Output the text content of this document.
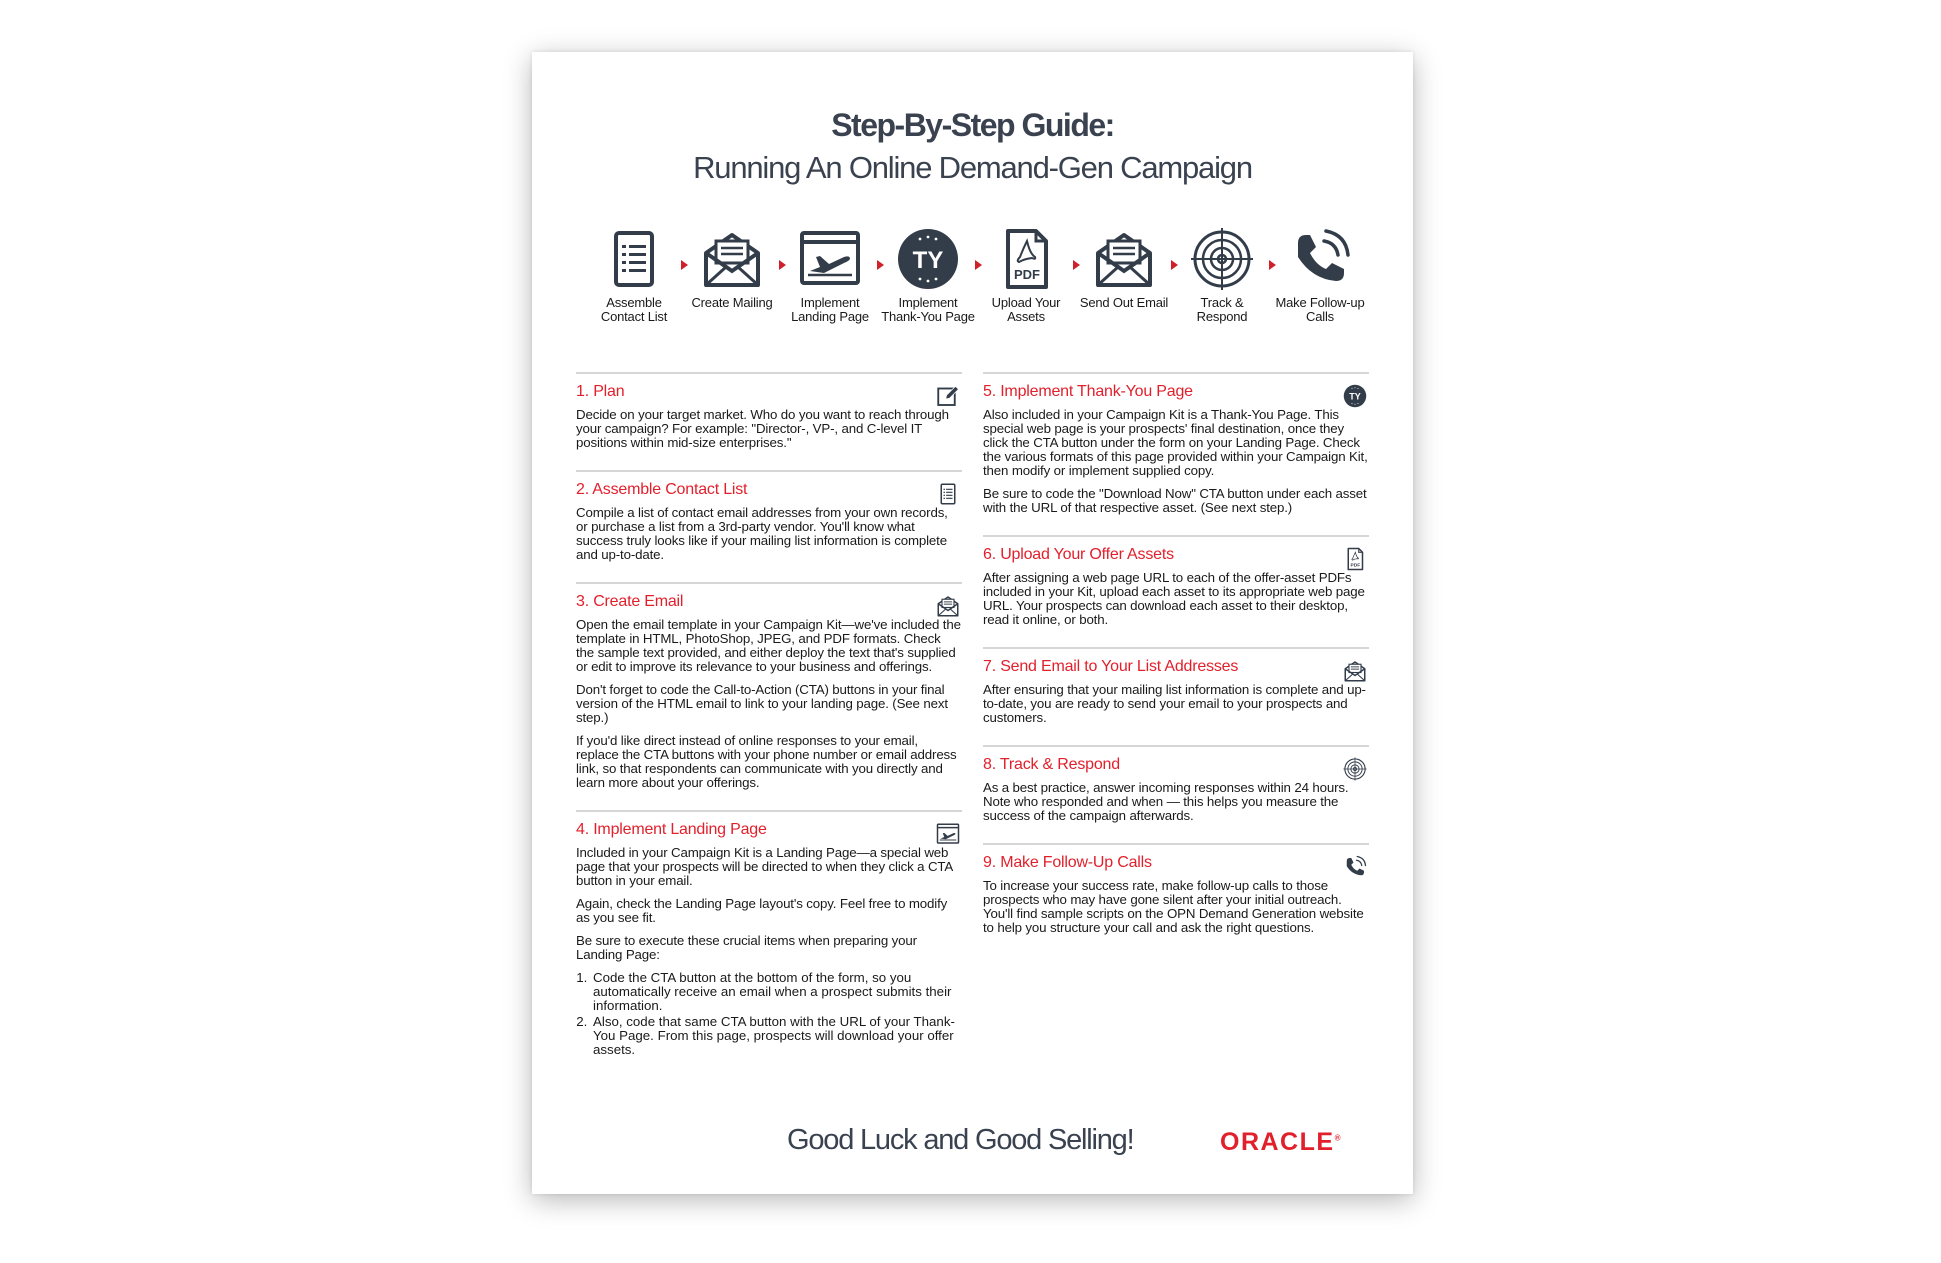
Step-By-Step Guide:
Running An Online Demand-Gen Campaign
Assemble Contact List
Create Mailing	Implement Landing Page
TY
Implement Thank-You Page
PDF
Upload Your Assets
Send Out Email	Track & Respond
Make Follow-up Calls
1. Plan

Decide on your target market. Who do you want to reach through your campaign? For example: "Director-, VP-, and C-level IT positions within mid-size enterprises."

2. Assemble Contact List

Compile a list of contact email addresses from your own records, or purchase a list from a 3rd-party vendor. You'll know what success truly looks like if your mailing list information is complete and up-to-date.

3. Create Email

Open the email template in your Campaign Kit—we've included the template in HTML, PhotoShop, JPEG, and PDF formats. Check the sample text provided, and either deploy the text that's supplied or edit to improve its relevance to your business and offerings.

Don't forget to code the Call-to-Action (CTA) buttons in your final version of the HTML email to link to your landing page. (See next step.)

If you'd like direct instead of online responses to your email, replace the CTA buttons with your phone number or email address link, so that respondents can communicate with you directly and learn more about your offerings.

4. Implement Landing Page

Included in your Campaign Kit is a Landing Page—a special web page that your prospects will be directed to when they click a CTA button in your email.

Again, check the Landing Page layout's copy. Feel free to modify as you see fit.

Be sure to execute these crucial items when preparing your Landing Page:

1. Code the CTA button at the bottom of the form, so you automatically receive an email when a prospect submits their information.
2. Also, code that same CTA button with the URL of your Thank-You Page. From this page, prospects will download your offer assets.
5. Implement Thank-You Page	TY

Also included in your Campaign Kit is a Thank-You Page. This special web page is your prospects' final destination, once they click the CTA button under the form on your Landing Page. Check the various formats of this page provided within your Campaign Kit, then modify or implement supplied copy.

Be sure to code the "Download Now" CTA button under each asset with the URL of that respective asset. (See next step.)

6. Upload Your Offer Assets
PDF

After assigning a web page URL to each of the offer-asset PDFs included in your Kit, upload each asset to its appropriate web page URL. Your prospects can download each asset to their desktop, read it online, or both.

7. Send Email to Your List Addresses

After ensuring that your mailing list information is complete and up-to-date, you are ready to send your email to your prospects and customers.

8. Track & Respond

As a best practice, answer incoming responses within 24 hours. Note who responded and when — this helps you measure the success of the campaign afterwards.

9. Make Follow-Up Calls

To increase your success rate, make follow-up calls to those prospects who may have gone silent after your initial outreach. You'll find sample scripts on the OPN Demand Generation website to help you structure your call and ask the right questions.

Good Luck and Good Selling!	ORACLE®
